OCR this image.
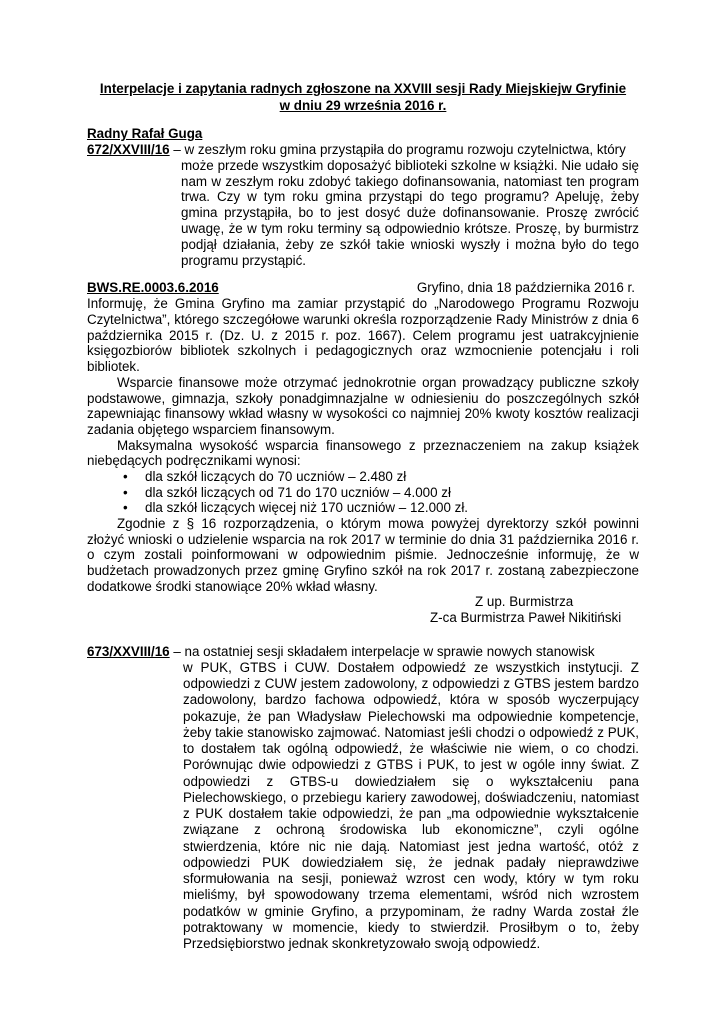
Interpelacje i zapytania radnych zgłoszone na XXVIII sesji Rady Miejskiejw Gryfinie

w dniu 29 września 2016 r.

Radny Rafał Guga

672/XXVIII/16 – w zeszłym roku gmina przystąpiła do programu rozwoju czytelnictwa, który

może przede wszystkim doposażyć biblioteki szkolne w książki. Nie udało się nam w zeszłym roku zdobyć takiego dofinansowania, natomiast ten program trwa. Czy w tym roku gmina przystąpi do tego programu? Apeluję, żeby gmina przystąpiła, bo to jest dosyć duże dofinansowanie. Proszę zwrócić uwagę, że w tym roku terminy są odpowiednio krótsze. Proszę, by burmistrz podjął działania, żeby ze szkół takie wnioski wyszły i można było do tego programu przystąpić.

BWS.RE.0003.6.2016	Gryfino, dnia 18 października 2016 r.

Informuję, że Gmina Gryfino ma zamiar przystąpić do „Narodowego Programu Rozwoju Czytelnictwa”, którego szczegółowe warunki określa rozporządzenie Rady Ministrów z dnia 6 października 2015 r. (Dz. U. z 2015 r. poz. 1667). Celem programu jest uatrakcyjnienie księgozbiorów bibliotek szkolnych i pedagogicznych oraz wzmocnienie potencjału i roli bibliotek.

Wsparcie finansowe może otrzymać jednokrotnie organ prowadzący publiczne szkoły podstawowe, gimnazja, szkoły ponadgimnazjalne w odniesieniu do poszczególnych szkół zapewniając finansowy wkład własny w wysokości co najmniej 20% kwoty kosztów realizacji zadania objętego wsparciem finansowym.

Maksymalna wysokość wsparcia finansowego z przeznaczeniem na zakup książek niebędących podręcznikami wynosi:

• dla szkół liczących do 70 uczniów – 2.480 zł
• dla szkół liczących od 71 do 170 uczniów – 4.000 zł
• dla szkół liczących więcej niż 170 uczniów – 12.000 zł.

Zgodnie z § 16 rozporządzenia, o którym mowa powyżej dyrektorzy szkół powinni złożyć wnioski o udzielenie wsparcia na rok 2017 w terminie do dnia 31 października 2016 r. o czym zostali poinformowani w odpowiednim piśmie. Jednocześnie informuję, że w budżetach prowadzonych przez gminę Gryfino szkół na rok 2017 r. zostaną zabezpieczone dodatkowe środki stanowiące 20% wkład własny.

Z up. Burmistrza
Z-ca Burmistrza Paweł Nikitiński

673/XXVIII/16 – na ostatniej sesji składałem interpelacje w sprawie nowych stanowisk

w PUK, GTBS i CUW. Dostałem odpowiedź ze wszystkich instytucji. Z odpowiedzi z CUW jestem zadowolony, z odpowiedzi z GTBS jestem bardzo zadowolony, bardzo fachowa odpowiedź, która w sposób wyczerpujący pokazuje, że pan Władysław Pielechowski ma odpowiednie kompetencje, żeby takie stanowisko zajmować. Natomiast jeśli chodzi o odpowiedź z PUK, to dostałem tak ogólną odpowiedź, że właściwie nie wiem, o co chodzi. Porównując dwie odpowiedzi z GTBS i PUK, to jest w ogóle inny świat. Z odpowiedzi z GTBS-u dowiedziałem się o wykształceniu pana Pielechowskiego, o przebiegu kariery zawodowej, doświadczeniu, natomiast z PUK dostałem takie odpowiedzi, że pan „ma odpowiednie wykształcenie związane z ochroną środowiska lub ekonomiczne”, czyli ogólne stwierdzenia, które nic nie dają. Natomiast jest jedna wartość, otóż z odpowiedzi PUK dowiedziałem się, że jednak padały nieprawdziwe sformułowania na sesji, ponieważ wzrost cen wody, który w tym roku mieliśmy, był spowodowany trzema elementami, wśród nich wzrostem podatków w gminie Gryfino, a przypominam, że radny Warda został źle potraktowany w momencie, kiedy to stwierdził. Prosiłbym o to, żeby Przedsiębiorstwo jednak skonkretyzowało swoją odpowiedź.
